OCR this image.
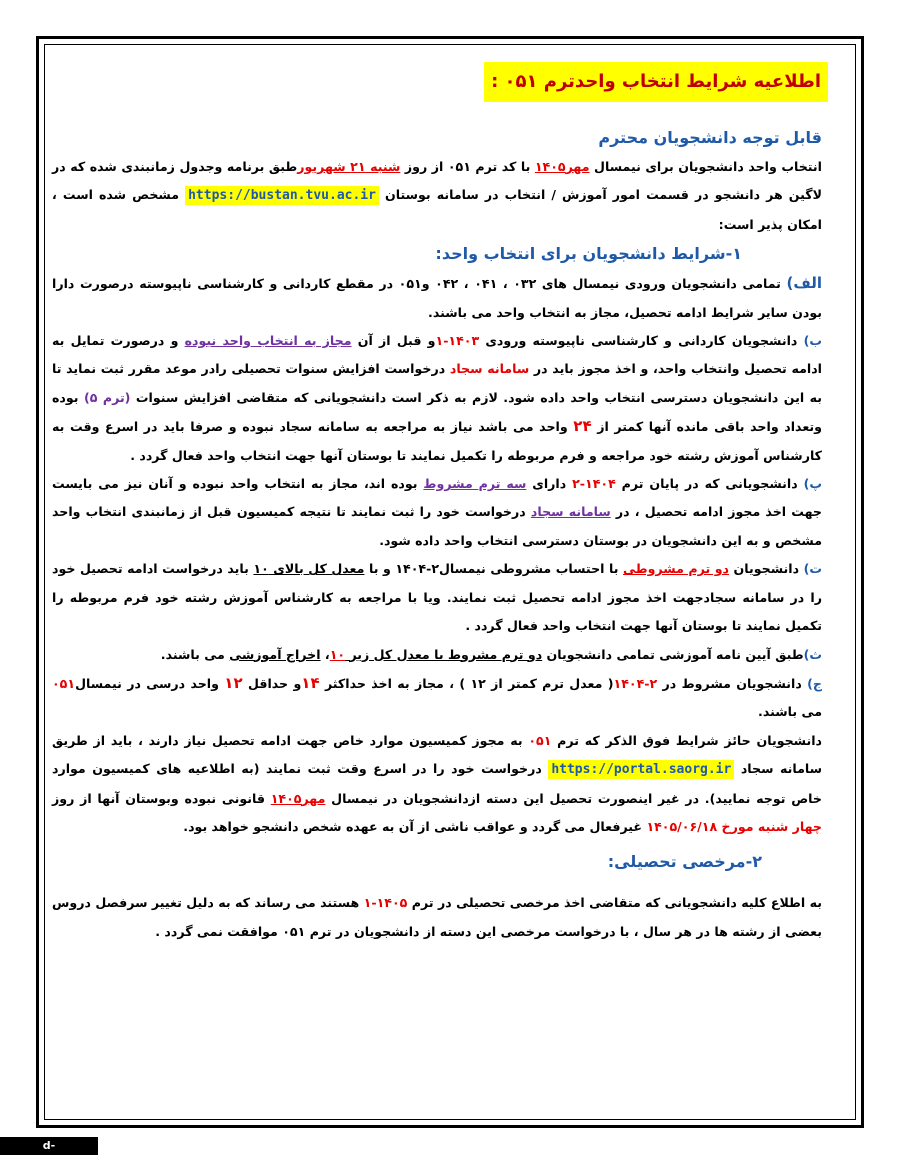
اطلاعیه شرایط انتخاب واحدترم ۰۵۱ :
قابل توجه دانشجویان محترم

انتخاب واحد دانشجویان برای نیمسال مهر۱۴۰۵ با کد ترم ۰۵۱ از روز شنبه ۲۱ شهریورطبق برنامه وجدول زمانبندی شده که در لاگین هر دانشجو در قسمت امور آموزش / انتخاب در سامانه بوستان https://bustan.tvu.ac.ir مشخص شده است ، امکان پذیر است:

۱-شرایط دانشجویان برای انتخاب واحد:

الف) تمامی دانشجویان ورودی نیمسال های ۰۳۲ ، ۰۴۱ ، ۰۴۲ و۰۵۱ در مقطع کاردانی و کارشناسی ناپیوسته درصورت دارا بودن سایر شرایط ادامه تحصیل، مجاز به انتخاب واحد می باشند.

ب) دانشجویان کاردانی و کارشناسی ناپیوسته ورودی ۱۴۰۳-۱و قبل از آن مجاز به انتخاب واحد نبوده و درصورت تمایل به ادامه تحصیل وانتخاب واحد، و اخذ مجوز باید در سامانه سجاد درخواست افزایش سنوات تحصیلی رادر موعد مقرر ثبت نماید تا به این دانشجویان دسترسی انتخاب واحد داده شود. لازم به ذکر است دانشجویانی که متقاضی افزایش سنوات (ترم ۵) بوده وتعداد واحد باقی مانده آنها کمتر از ۲۴ واحد می باشد نیاز به مراجعه به سامانه سجاد نبوده و صرفا باید در اسرع وقت به کارشناس آموزش رشته خود مراجعه و فرم مربوطه را تکمیل نمایند تا بوستان آنها جهت انتخاب واحد فعال گردد .

پ) دانشجویانی که در پایان ترم ۱۴۰۴-۲ دارای سه ترم مشروط بوده اند، مجاز به انتخاب واحد نبوده و آنان نیز می بایست جهت اخذ مجوز ادامه تحصیل ، در سامانه سجاد درخواست خود را ثبت نمایند تا نتیجه کمیسیون قبل از زمانبندی انتخاب واحد مشخص و به این دانشجویان در بوستان دسترسی انتخاب واحد داده شود.

ت) دانشجویان دو ترم مشروطی با احتساب مشروطی نیمسال۲-۱۴۰۴ و با معدل کل بالای ۱۰ باید درخواست ادامه تحصیل خود را در سامانه سجادجهت اخذ مجوز ادامه تحصیل ثبت نمایند. ویا با مراجعه به کارشناس آموزش رشته خود فرم مربوطه را تکمیل نمایند تا بوستان آنها جهت انتخاب واحد فعال گردد .

ث)طبق آیین نامه آموزشی تمامی دانشجویان دو ترم مشروط با معدل کل زیر ۱۰، اخراج آموزشی می باشند.

ج) دانشجویان مشروط در ۲-۱۴۰۴( معدل ترم کمتر از ۱۲ ) ، مجاز به اخذ حداکثر ۱۴و حداقل ۱۲ واحد درسی در نیمسال۰۵۱ می باشند.

دانشجویان حائز شرایط فوق الذکر که ترم ۰۵۱ به مجوز کمیسیون موارد خاص جهت ادامه تحصیل نیاز دارند ، باید از طریق سامانه سجاد https://portal.saorg.ir درخواست خود را در اسرع وقت ثبت نمایند (به اطلاعیه های کمیسیون موارد خاص توجه نمایید). در غیر اینصورت تحصیل این دسته ازدانشجویان در نیمسال مهر۱۴۰۵ قانونی نبوده وبوستان آنها از روز چهار شنبه مورخ ۱۴۰۵/۰۶/۱۸ غیرفعال می گردد و عواقب ناشی از آن به عهده شخص دانشجو خواهد بود.

۲-مرخصی تحصیلی:

به اطلاع کلیه دانشجویانی که متقاضی اخذ مرخصی تحصیلی در ترم ۱۴۰۵-۱ هستند می رساند که به دلیل تغییر سرفصل دروس بعضی از رشته ها در هر سال ، با درخواست مرخصی این دسته از دانشجویان در ترم ۰۵۱ موافقت نمی گردد .

d-babol.tvu.ac.ir
